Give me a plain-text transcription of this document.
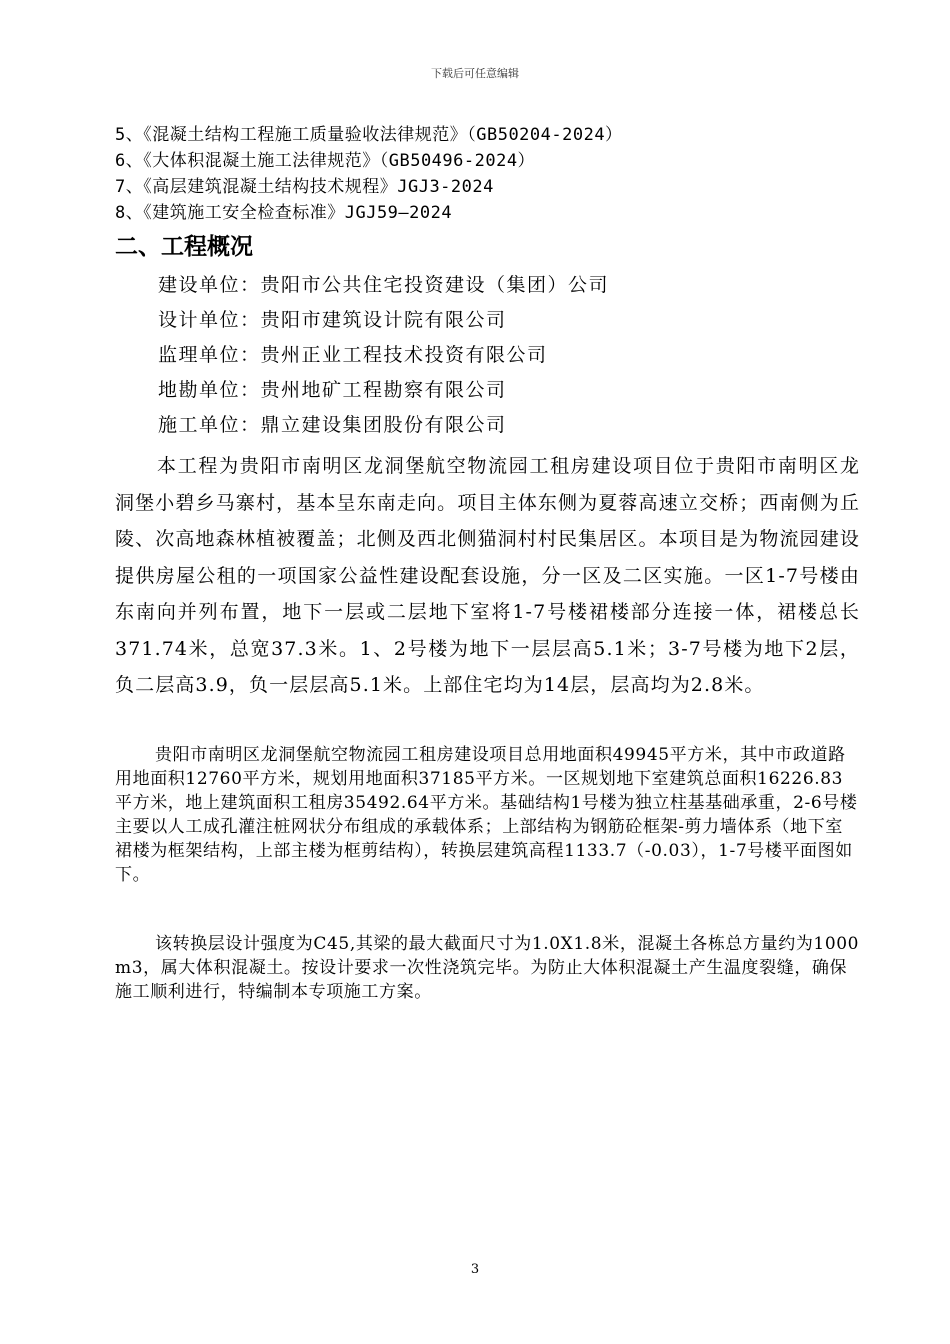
下载后可任意编辑
5、《混凝土结构工程施工质量验收法律规范》（GB50204-2024）
6、《大体积混凝土施工法律规范》（GB50496-2024）
7、《高层建筑混凝土结构技术规程》JGJ3-2024
8、《建筑施工安全检查标准》JGJ59—2024
二、工程概况
建设单位：贵阳市公共住宅投资建设（集团）公司
设计单位：贵阳市建筑设计院有限公司
监理单位：贵州正业工程技术投资有限公司
地勘单位：贵州地矿工程勘察有限公司
施工单位：鼎立建设集团股份有限公司

本工程为贵阳市南明区龙洞堡航空物流园工租房建设项目位于贵阳市南明区龙洞堡小碧乡马寨村，基本呈东南走向。项目主体东侧为夏蓉高速立交桥；西南侧为丘陵、次高地森林植被覆盖；北侧及西北侧猫洞村村民集居区。本项目是为物流园建设提供房屋公租的一项国家公益性建设配套设施，分一区及二区实施。一区1-7号楼由东南向并列布置，地下一层或二层地下室将1-7号楼裙楼部分连接一体，裙楼总长371.74米，总宽37.3米。1、2号楼为地下一层层高5.1米；3-7号楼为地下2层，负二层高3.9，负一层层高5.1米。上部住宅均为14层，层高均为2.8米。

贵阳市南明区龙洞堡航空物流园工租房建设项目总用地面积49945平方米，其中市政道路用地面积12760平方米，规划用地面积37185平方米。一区规划地下室建筑总面积16226.83平方米，地上建筑面积工租房35492.64平方米。基础结构1号楼为独立柱基基础承重，2-6号楼主要以人工成孔灌注桩网状分布组成的承载体系；上部结构为钢筋砼框架-剪力墙体系（地下室裙楼为框架结构，上部主楼为框剪结构），转换层建筑高程1133.7（-0.03），1-7号楼平面图如下。

该转换层设计强度为C45,其梁的最大截面尺寸为1.0X1.8米，混凝土各栋总方量约为1000 m3，属大体积混凝土。按设计要求一次性浇筑完毕。为防止大体积混凝土产生温度裂缝，确保施工顺利进行，特编制本专项施工方案。

3
